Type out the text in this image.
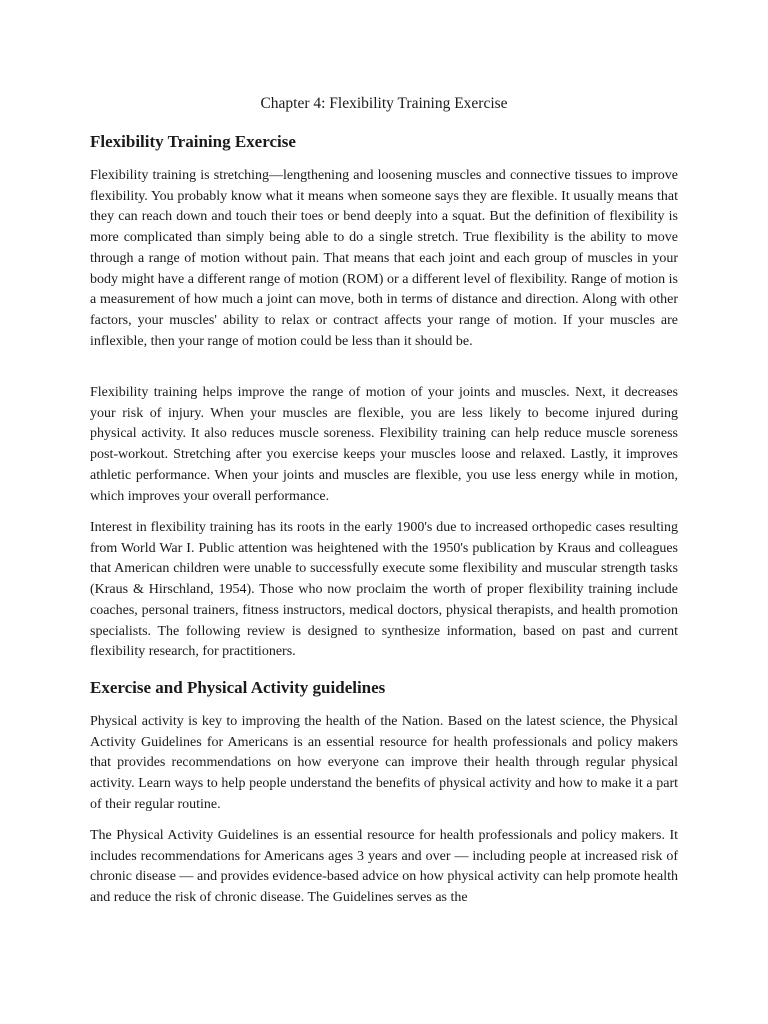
Chapter 4: Flexibility Training Exercise
Flexibility Training Exercise

Flexibility training is stretching—lengthening and loosening muscles and connective tissues to improve flexibility. You probably know what it means when someone says they are flexible. It usually means that they can reach down and touch their toes or bend deeply into a squat. But the definition of flexibility is more complicated than simply being able to do a single stretch. True flexibility is the ability to move through a range of motion without pain. That means that each joint and each group of muscles in your body might have a different range of motion (ROM) or a different level of flexibility. Range of motion is a measurement of how much a joint can move, both in terms of distance and direction. Along with other factors, your muscles' ability to relax or contract affects your range of motion. If your muscles are inflexible, then your range of motion could be less than it should be.

Flexibility training helps improve the range of motion of your joints and muscles. Next, it decreases your risk of injury. When your muscles are flexible, you are less likely to become injured during physical activity. It also reduces muscle soreness. Flexibility training can help reduce muscle soreness post-workout. Stretching after you exercise keeps your muscles loose and relaxed. Lastly, it improves athletic performance. When your joints and muscles are flexible, you use less energy while in motion, which improves your overall performance.

Interest in flexibility training has its roots in the early 1900's due to increased orthopedic cases resulting from World War I. Public attention was heightened with the 1950's publication by Kraus and colleagues that American children were unable to successfully execute some flexibility and muscular strength tasks (Kraus & Hirschland, 1954). Those who now proclaim the worth of proper flexibility training include coaches, personal trainers, fitness instructors, medical doctors, physical therapists, and health promotion specialists. The following review is designed to synthesize information, based on past and current flexibility research, for practitioners.

Exercise and Physical Activity guidelines

Physical activity is key to improving the health of the Nation. Based on the latest science, the Physical Activity Guidelines for Americans is an essential resource for health professionals and policy makers that provides recommendations on how everyone can improve their health through regular physical activity. Learn ways to help people understand the benefits of physical activity and how to make it a part of their regular routine.

The Physical Activity Guidelines is an essential resource for health professionals and policy makers. It includes recommendations for Americans ages 3 years and over — including people at increased risk of chronic disease — and provides evidence-based advice on how physical activity can help promote health and reduce the risk of chronic disease. The Guidelines serves as the
